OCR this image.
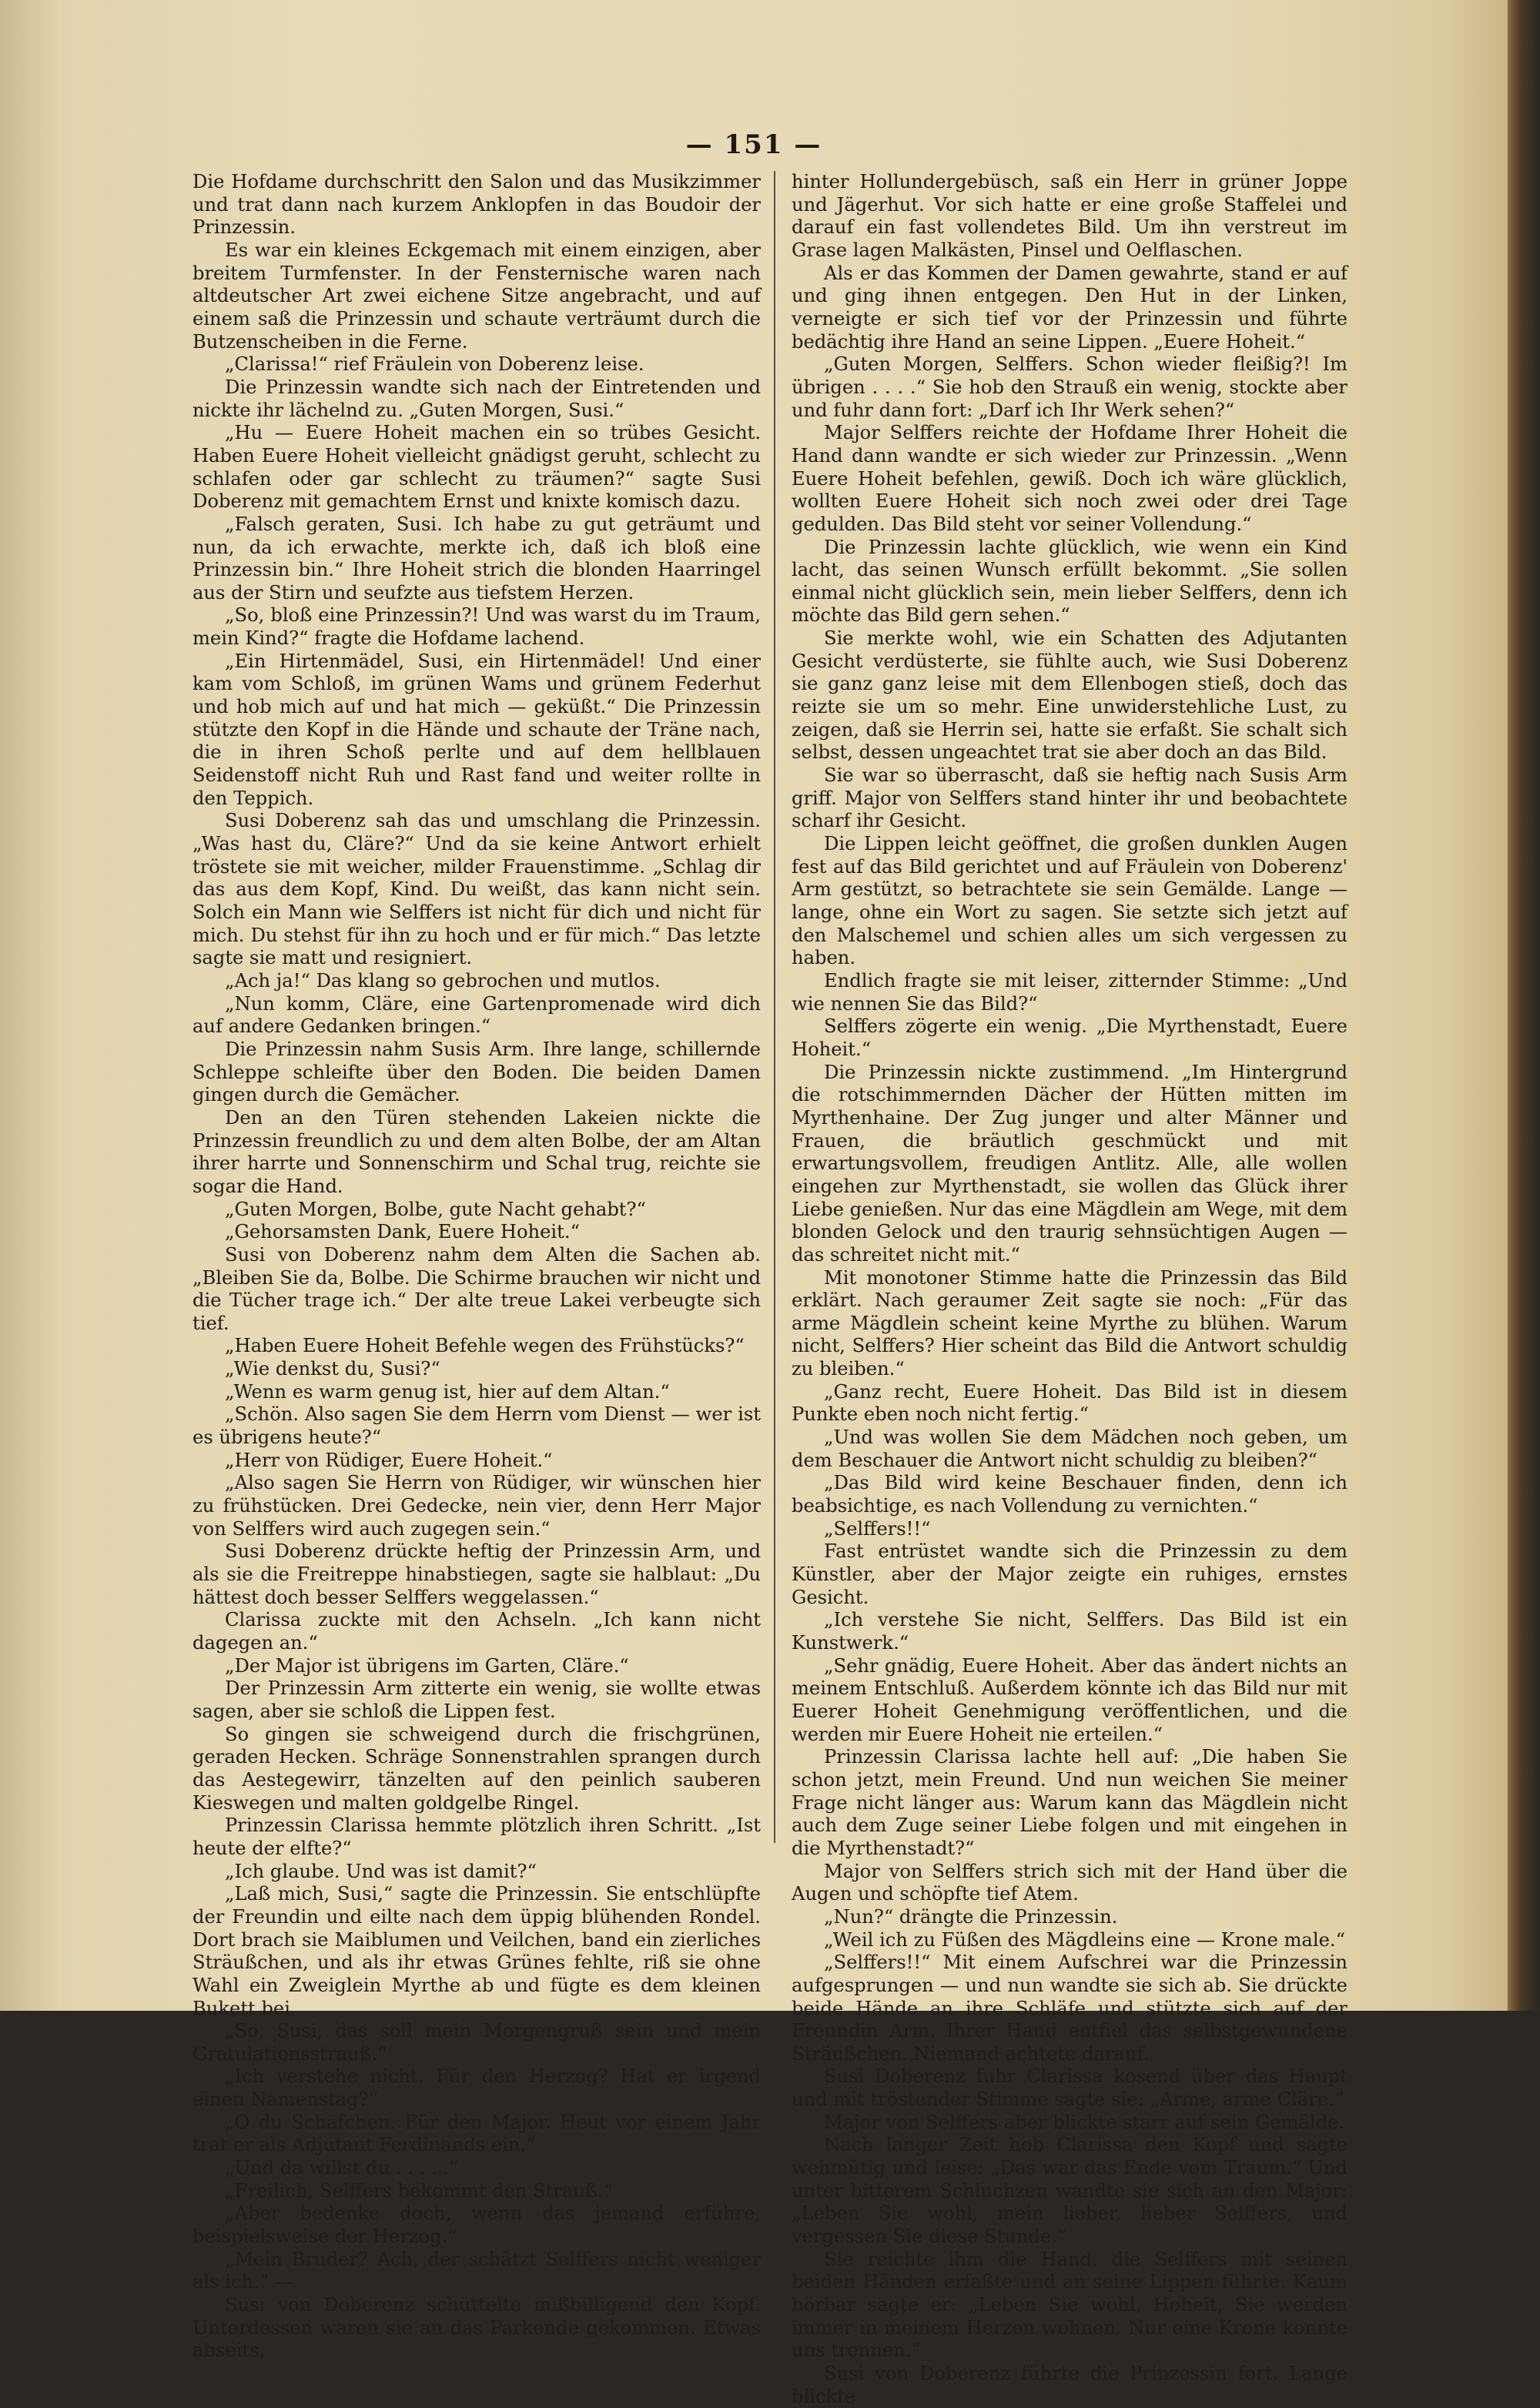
— 151 —

Die Hofdame durchschritt den Salon und das Musikzimmer und trat dann nach kurzem Anklopfen in das Boudoir der Prinzessin.

Es war ein kleines Eckgemach mit einem einzigen, aber breitem Turmfenster. In der Fensternische waren nach altdeutscher Art zwei eichene Sitze angebracht, und auf einem saß die Prinzessin und schaute verträumt durch die Butzenscheiben in die Ferne.

„Clarissa!“ rief Fräulein von Doberenz leise.

Die Prinzessin wandte sich nach der Eintretenden und nickte ihr lächelnd zu. „Guten Morgen, Susi.“

„Hu — Euere Hoheit machen ein so trübes Gesicht. Haben Euere Hoheit vielleicht gnädigst geruht, schlecht zu schlafen oder gar schlecht zu träumen?“ sagte Susi Doberenz mit gemachtem Ernst und knixte komisch dazu.

„Falsch geraten, Susi. Ich habe zu gut geträumt und nun, da ich erwachte, merkte ich, daß ich bloß eine Prinzessin bin.“ Ihre Hoheit strich die blonden Haarringel aus der Stirn und seufzte aus tiefstem Herzen.

„So, bloß eine Prinzessin?! Und was warst du im Traum, mein Kind?“ fragte die Hofdame lachend.

„Ein Hirtenmädel, Susi, ein Hirtenmädel! Und einer kam vom Schloß, im grünen Wams und grünem Federhut und hob mich auf und hat mich — geküßt.“ Die Prinzessin stützte den Kopf in die Hände und schaute der Träne nach, die in ihren Schoß perlte und auf dem hellblauen Seidenstoff nicht Ruh und Rast fand und weiter rollte in den Teppich.

Susi Doberenz sah das und umschlang die Prinzessin. „Was hast du, Cläre?“ Und da sie keine Antwort erhielt tröstete sie mit weicher, milder Frauenstimme. „Schlag dir das aus dem Kopf, Kind. Du weißt, das kann nicht sein. Solch ein Mann wie Selffers ist nicht für dich und nicht für mich. Du stehst für ihn zu hoch und er für mich.“ Das letzte sagte sie matt und resigniert.

„Ach ja!“ Das klang so gebrochen und mutlos.

„Nun komm, Cläre, eine Gartenpromenade wird dich auf andere Gedanken bringen.“

Die Prinzessin nahm Susis Arm. Ihre lange, schillernde Schleppe schleifte über den Boden. Die beiden Damen gingen durch die Gemächer.

Den an den Türen stehenden Lakeien nickte die Prinzessin freundlich zu und dem alten Bolbe, der am Altan ihrer harrte und Sonnenschirm und Schal trug, reichte sie sogar die Hand.

„Guten Morgen, Bolbe, gute Nacht gehabt?“

„Gehorsamsten Dank, Euere Hoheit.“

Susi von Doberenz nahm dem Alten die Sachen ab. „Bleiben Sie da, Bolbe. Die Schirme brauchen wir nicht und die Tücher trage ich.“ Der alte treue Lakei verbeugte sich tief.

„Haben Euere Hoheit Befehle wegen des Frühstücks?“

„Wie denkst du, Susi?“

„Wenn es warm genug ist, hier auf dem Altan.“

„Schön. Also sagen Sie dem Herrn vom Dienst — wer ist es übrigens heute?“

„Herr von Rüdiger, Euere Hoheit.“

„Also sagen Sie Herrn von Rüdiger, wir wünschen hier zu frühstücken. Drei Gedecke, nein vier, denn Herr Major von Selffers wird auch zugegen sein.“

Susi Doberenz drückte heftig der Prinzessin Arm, und als sie die Freitreppe hinabstiegen, sagte sie halblaut: „Du hättest doch besser Selffers weggelassen.“

Clarissa zuckte mit den Achseln. „Ich kann nicht dagegen an.“

„Der Major ist übrigens im Garten, Cläre.“

Der Prinzessin Arm zitterte ein wenig, sie wollte etwas sagen, aber sie schloß die Lippen fest.

So gingen sie schweigend durch die frischgrünen, geraden Hecken. Schräge Sonnenstrahlen sprangen durch das Aestegewirr, tänzelten auf den peinlich sauberen Kieswegen und malten goldgelbe Ringel.

Prinzessin Clarissa hemmte plötzlich ihren Schritt. „Ist heute der elfte?“

„Ich glaube. Und was ist damit?“

„Laß mich, Susi,“ sagte die Prinzessin. Sie entschlüpfte der Freundin und eilte nach dem üppig blühenden Rondel. Dort brach sie Maiblumen und Veilchen, band ein zierliches Sträußchen, und als ihr etwas Grünes fehlte, riß sie ohne Wahl ein Zweiglein Myrthe ab und fügte es dem kleinen Bukett bei.

„So, Susi, das soll mein Morgengruß sein und mein Gratulationsstrauß.“

„Ich verstehe nicht. Für den Herzog? Hat er irgend einen Namenstag?“

„O du Schäfchen. Für den Major. Heut vor einem Jahr trat er als Adjutant Ferdinands ein.“

„Und da willst du . . . . .“

„Freilich, Selffers bekommt den Strauß.“

„Aber bedenke doch, wenn das jemand erführe, beispielsweise der Herzog.“

„Mein Bruder? Ach, der schätzt Selffers nicht weniger als ich.“ —

Susi von Doberenz schüttelte mißbilligend den Kopf. Unterdessen waren sie an das Parkende gekommen. Etwas abseits,

hinter Hollundergebüsch, saß ein Herr in grüner Joppe und Jägerhut. Vor sich hatte er eine große Staffelei und darauf ein fast vollendetes Bild. Um ihn verstreut im Grase lagen Malkästen, Pinsel und Oelflaschen.

Als er das Kommen der Damen gewahrte, stand er auf und ging ihnen entgegen. Den Hut in der Linken, verneigte er sich tief vor der Prinzessin und führte bedächtig ihre Hand an seine Lippen. „Euere Hoheit.“

„Guten Morgen, Selffers. Schon wieder fleißig?! Im übrigen . . . .“ Sie hob den Strauß ein wenig, stockte aber und fuhr dann fort: „Darf ich Ihr Werk sehen?“

Major Selffers reichte der Hofdame Ihrer Hoheit die Hand dann wandte er sich wieder zur Prinzessin. „Wenn Euere Hoheit befehlen, gewiß. Doch ich wäre glücklich, wollten Euere Hoheit sich noch zwei oder drei Tage gedulden. Das Bild steht vor seiner Vollendung.“

Die Prinzessin lachte glücklich, wie wenn ein Kind lacht, das seinen Wunsch erfüllt bekommt. „Sie sollen einmal nicht glücklich sein, mein lieber Selffers, denn ich möchte das Bild gern sehen.“

Sie merkte wohl, wie ein Schatten des Adjutanten Gesicht verdüsterte, sie fühlte auch, wie Susi Doberenz sie ganz ganz leise mit dem Ellenbogen stieß, doch das reizte sie um so mehr. Eine unwiderstehliche Lust, zu zeigen, daß sie Herrin sei, hatte sie erfaßt. Sie schalt sich selbst, dessen ungeachtet trat sie aber doch an das Bild.

Sie war so überrascht, daß sie heftig nach Susis Arm griff. Major von Selffers stand hinter ihr und beobachtete scharf ihr Gesicht.

Die Lippen leicht geöffnet, die großen dunklen Augen fest auf das Bild gerichtet und auf Fräulein von Doberenz' Arm gestützt, so betrachtete sie sein Gemälde. Lange — lange, ohne ein Wort zu sagen. Sie setzte sich jetzt auf den Malschemel und schien alles um sich vergessen zu haben.

Endlich fragte sie mit leiser, zitternder Stimme: „Und wie nennen Sie das Bild?“

Selffers zögerte ein wenig. „Die Myrthenstadt, Euere Hoheit.“

Die Prinzessin nickte zustimmend. „Im Hintergrund die rotschimmernden Dächer der Hütten mitten im Myrthenhaine. Der Zug junger und alter Männer und Frauen, die bräutlich geschmückt und mit erwartungsvollem, freudigen Antlitz. Alle, alle wollen eingehen zur Myrthenstadt, sie wollen das Glück ihrer Liebe genießen. Nur das eine Mägdlein am Wege, mit dem blonden Gelock und den traurig sehnsüchtigen Augen — das schreitet nicht mit.“

Mit monotoner Stimme hatte die Prinzessin das Bild erklärt. Nach geraumer Zeit sagte sie noch: „Für das arme Mägdlein scheint keine Myrthe zu blühen. Warum nicht, Selffers? Hier scheint das Bild die Antwort schuldig zu bleiben.“

„Ganz recht, Euere Hoheit. Das Bild ist in diesem Punkte eben noch nicht fertig.“

„Und was wollen Sie dem Mädchen noch geben, um dem Beschauer die Antwort nicht schuldig zu bleiben?“

„Das Bild wird keine Beschauer finden, denn ich beabsichtige, es nach Vollendung zu vernichten.“

„Selffers!!“

Fast entrüstet wandte sich die Prinzessin zu dem Künstler, aber der Major zeigte ein ruhiges, ernstes Gesicht.

„Ich verstehe Sie nicht, Selffers. Das Bild ist ein Kunstwerk.“

„Sehr gnädig, Euere Hoheit. Aber das ändert nichts an meinem Entschluß. Außerdem könnte ich das Bild nur mit Euerer Hoheit Genehmigung veröffentlichen, und die werden mir Euere Hoheit nie erteilen.“

Prinzessin Clarissa lachte hell auf: „Die haben Sie schon jetzt, mein Freund. Und nun weichen Sie meiner Frage nicht länger aus: Warum kann das Mägdlein nicht auch dem Zuge seiner Liebe folgen und mit eingehen in die Myrthenstadt?“

Major von Selffers strich sich mit der Hand über die Augen und schöpfte tief Atem.

„Nun?“ drängte die Prinzessin.

„Weil ich zu Füßen des Mägdleins eine — Krone male.“

„Selffers!!“ Mit einem Aufschrei war die Prinzessin aufgesprungen — und nun wandte sie sich ab. Sie drückte beide Hände an ihre Schläfe und stützte sich auf der Freundin Arm. Ihrer Hand entfiel das selbstgewundene Sträußchen. Niemand achtete darauf.

Susi Doberenz fuhr Clarissa kosend über das Haupt und mit tröstender Stimme sagte sie: „Arme, arme Cläre.“

Major von Selffers aber blickte starr auf sein Gemälde.

Nach langer Zeit hob Clarissa den Kopf und sagte wehmütig und leise: „Das war das Ende vom Traum.“ Und unter bitterem Schluchzen wandte sie sich an den Major: „Leben Sie wohl, mein lieber, lieber Selffers, und vergessen Sie diese Stunde.“

Sie reichte ihm die Hand, die Selffers mit seinen beiden Händen erfaßte und an seine Lippen führte. Kaum hörbar sagte er: „Leben Sie wohl, Hoheit, Sie werden immer in meinem Herzen wohnen. Nur eine Krone konnte uns trennen.“

Susi von Doberenz führte die Prinzessin fort. Lange blickte
